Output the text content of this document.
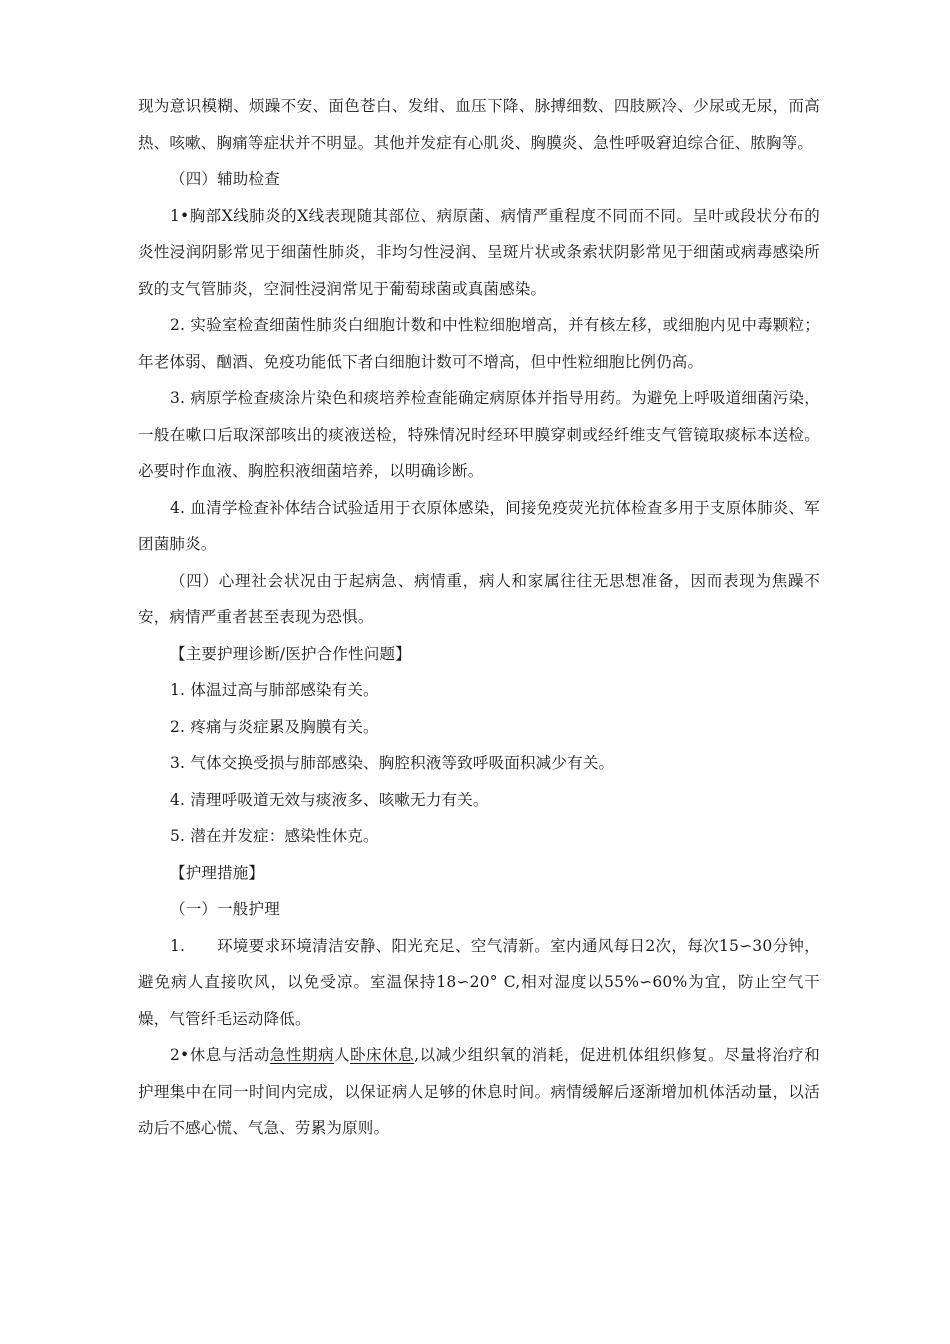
现为意识模糊、烦躁不安、面色苍白、发绀、血压下降、脉搏细数、四肢厥冷、少尿或无尿，而高热、咳嗽、胸痛等症状并不明显。其他并发症有心肌炎、胸膜炎、急性呼吸窘迫综合征、脓胸等。

（四）辅助检查

1•胸部X线肺炎的X线表现随其部位、病原菌、病情严重程度不同而不同。呈叶或段状分布的炎性浸润阴影常见于细菌性肺炎，非均匀性浸润、呈斑片状或条索状阴影常见于细菌或病毒感染所致的支气管肺炎，空洞性浸润常见于葡萄球菌或真菌感染。

2. 实验室检查细菌性肺炎白细胞计数和中性粒细胞增高，并有核左移，或细胞内见中毒颗粒；年老体弱、酗酒、免疫功能低下者白细胞计数可不增高，但中性粒细胞比例仍高。

3. 病原学检查痰涂片染色和痰培养检查能确定病原体并指导用药。为避免上呼吸道细菌污染，一般在嗽口后取深部咳出的痰液送检，特殊情况时经环甲膜穿刺或经纤维支气管镜取痰标本送检。必要时作血液、胸腔积液细菌培养，以明确诊断。

4. 血清学检查补体结合试验适用于衣原体感染，间接免疫荧光抗体检查多用于支原体肺炎、军团菌肺炎。

（四）心理社会状况由于起病急、病情重，病人和家属往往无思想准备，因而表现为焦躁不安，病情严重者甚至表现为恐惧。

【主要护理诊断/医护合作性问题】

1. 体温过高与肺部感染有关。

2. 疼痛与炎症累及胸膜有关。

3. 气体交换受损与肺部感染、胸腔积液等致呼吸面积减少有关。

4. 清理呼吸道无效与痰液多、咳嗽无力有关。

5. 潜在并发症：感染性休克。

【护理措施】

（一）一般护理

1.　　环境要求环境清洁安静、阳光充足、空气清新。室内通风每日2次，每次15∽30分钟，避免病人直接吹风，以免受凉。室温保持18∽20° C,相对湿度以55%∽60%为宜，防止空气干燥，气管纤毛运动降低。

2•休息与活动急性期病人卧床休息,以减少组织氧的消耗，促进机体组织修复。尽量将治疗和护理集中在同一时间内完成，以保证病人足够的休息时间。病情缓解后逐渐增加机体活动量，以活动后不感心慌、气急、劳累为原则。
